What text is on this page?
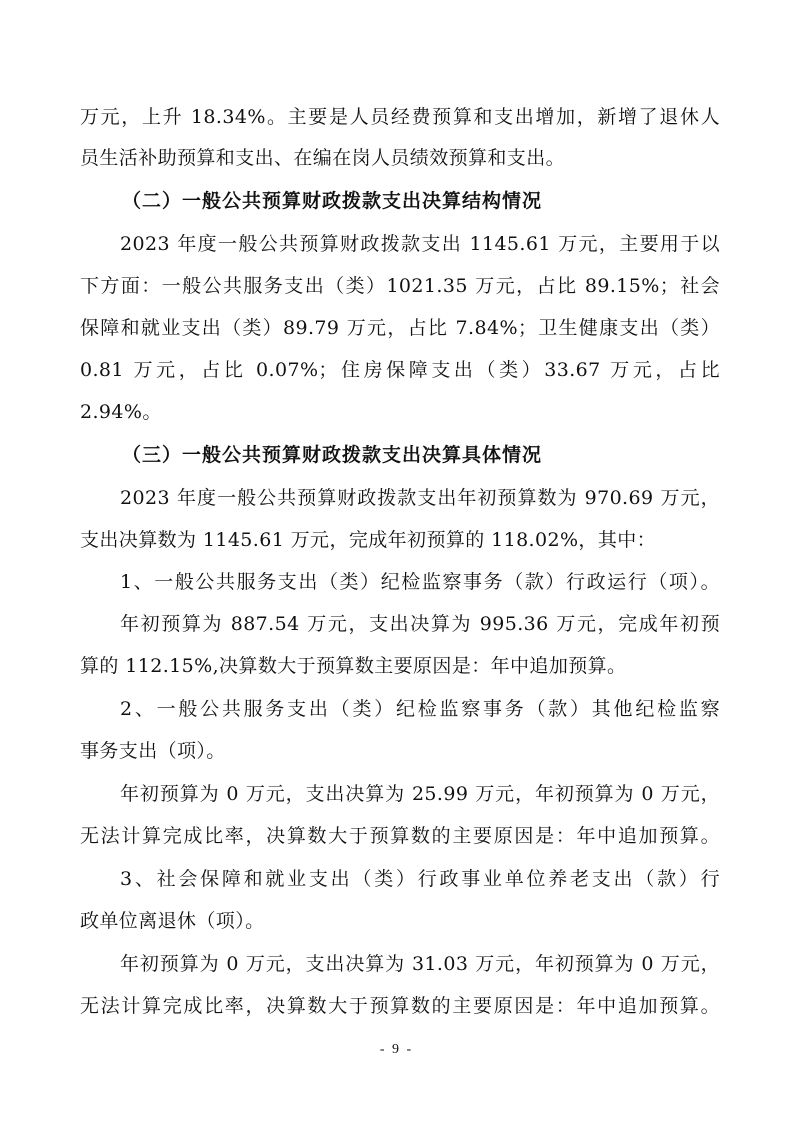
万元，上升 18.34%。主要是人员经费预算和支出增加，新增了退休人
员生活补助预算和支出、在编在岗人员绩效预算和支出。
（二）一般公共预算财政拨款支出决算结构情况
2023 年度一般公共预算财政拨款支出 1145.61 万元，主要用于以
下方面：一般公共服务支出（类）1021.35 万元，占比 89.15%；社会
保障和就业支出（类）89.79 万元，占比 7.84%；卫生健康支出（类）
0.81 万元，占比 0.07%；住房保障支出（类）33.67 万元，占比
2.94%。
（三）一般公共预算财政拨款支出决算具体情况
2023 年度一般公共预算财政拨款支出年初预算数为 970.69 万元，
支出决算数为 1145.61 万元，完成年初预算的 118.02%，其中：
1、一般公共服务支出（类）纪检监察事务（款）行政运行（项）。
年初预算为 887.54 万元，支出决算为 995.36 万元，完成年初预
算的 112.15%,决算数大于预算数主要原因是：年中追加预算。
2、一般公共服务支出（类）纪检监察事务（款）其他纪检监察
事务支出（项）。
年初预算为 0 万元，支出决算为 25.99 万元，年初预算为 0 万元，
无法计算完成比率，决算数大于预算数的主要原因是：年中追加预算。
3、社会保障和就业支出（类）行政事业单位养老支出（款）行
政单位离退休（项）。
年初预算为 0 万元，支出决算为 31.03 万元，年初预算为 0 万元，
无法计算完成比率，决算数大于预算数的主要原因是：年中追加预算。
- 9 -
